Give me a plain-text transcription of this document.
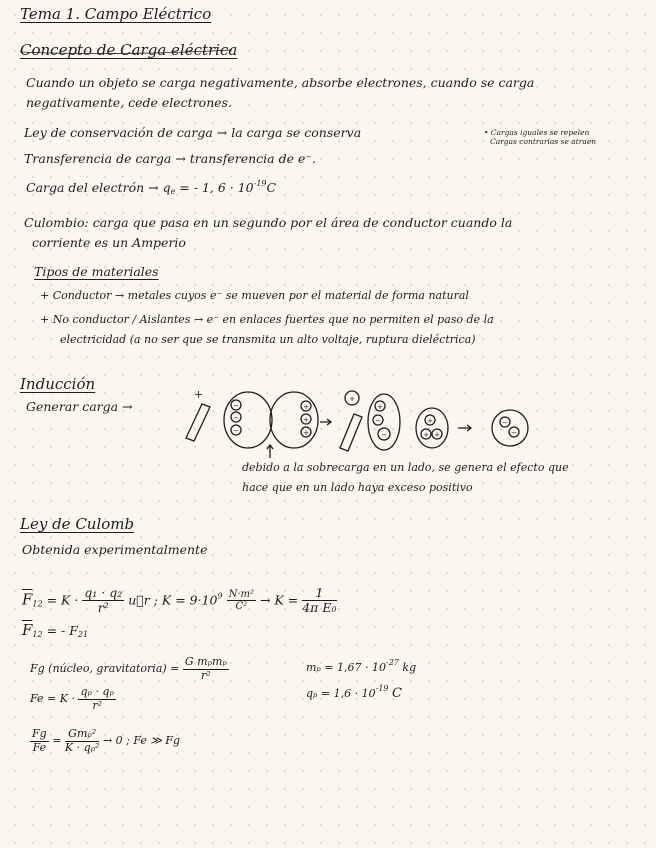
Tema 1. Campo Eléctrico
Concepto de Carga eléctrica
Cuando un objeto se carga negativamente, absorbe electrones, cuando se carga
negativamente, cede electrones.
Ley de conservación de carga → la carga se conserva	• Cargas iguales se repelen
Cargas contrarias se atraen
Transferencia de carga → transferencia de e⁻.
Carga del electrón → $q_e$ = - 1, $6 \cdot 10^{-19}C$
Culombio: carga que pasa en un segundo por el área de conductor cuando la
corriente es un Amperio
Tipos de materiales
+ Conductor → metales cuyos e⁻ se mueven por el material de forma natural
+ No conductor / Aislantes → e⁻ en enlaces fuertes que no permiten el paso de la
electricidad (a no ser que se transmita un alto voltaje, ruptura dieléctrica)
Inducción
Generar carga →
+
−
−
−
+
+
+
+
+
−
−
+
+ +
−
−
debido a la sobrecarga en un lado, se genera el efecto que
hace que en un lado haya exceso positivo
Ley de Culomb
Obtenida experimentalmente
$\overline{F}_{12} = K \cdot \frac{\text{q₁ · q₂}}{\text{r²}}$ u⃗r ; $K = 9\cdot 10^9 \frac{\text{N·m²}}{\text{C²}} \to K = \frac{1}{\text{4π E₀}}$
$\overline{F}_{12}$ = - $F_{21}$
Fg (núcleo, gravitatoria) =
G mₚmₚ
r²
$m_p = 1,67 \cdot 10^{-27}$ kg
$Fe = K \cdot \frac{\text{qₚ · qₚ}}{\text{r²}}$	$q_p = 1,6 \cdot 10^{-19}$ C
$\frac{Fg}{Fe}$ =
Gmₚ²
K · qₚ² → 0 ; Fe ≫ Fg
